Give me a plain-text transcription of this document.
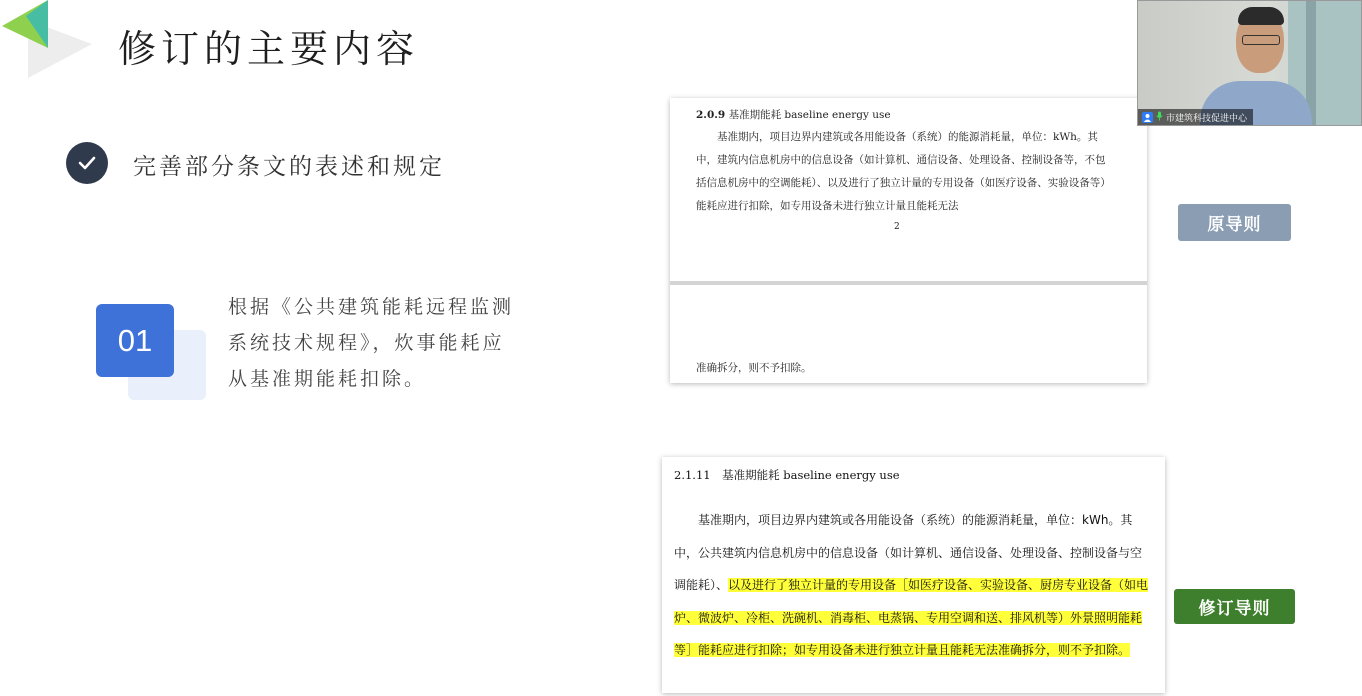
修订的主要内容
完善部分条文的表述和规定
01

根据《公共建筑能耗远程监测系统技术规程》，炊事能耗应从基准期能耗扣除。

2.0.9 基准期能耗 baseline energy use

　　基准期内，项目边界内建筑或各用能设备（系统）的能源消耗量，单位：kWh。其中，建筑内信息机房中的信息设备（如计算机、通信设备、处理设备、控制设备等，不包括信息机房中的空调能耗）、以及进行了独立计量的专用设备（如医疗设备、实验设备等）能耗应进行扣除，如专用设备未进行独立计量且能耗无法

2

准确拆分，则不予扣除。

原导则
2.1.11　基准期能耗 baseline energy use

　　基准期内，项目边界内建筑或各用能设备（系统）的能源消耗量，单位：kWh。其中，公共建筑内信息机房中的信息设备（如计算机、通信设备、处理设备、控制设备与空调能耗）、以及进行了独立计量的专用设备［如医疗设备、实验设备、厨房专业设备（如电炉、微波炉、冷柜、洗碗机、消毒柜、电蒸锅、专用空调和送、排风机等）外景照明能耗等］能耗应进行扣除；如专用设备未进行独立计量且能耗无法准确拆分，则不予扣除。

修订导则
市建筑科技促进中心
